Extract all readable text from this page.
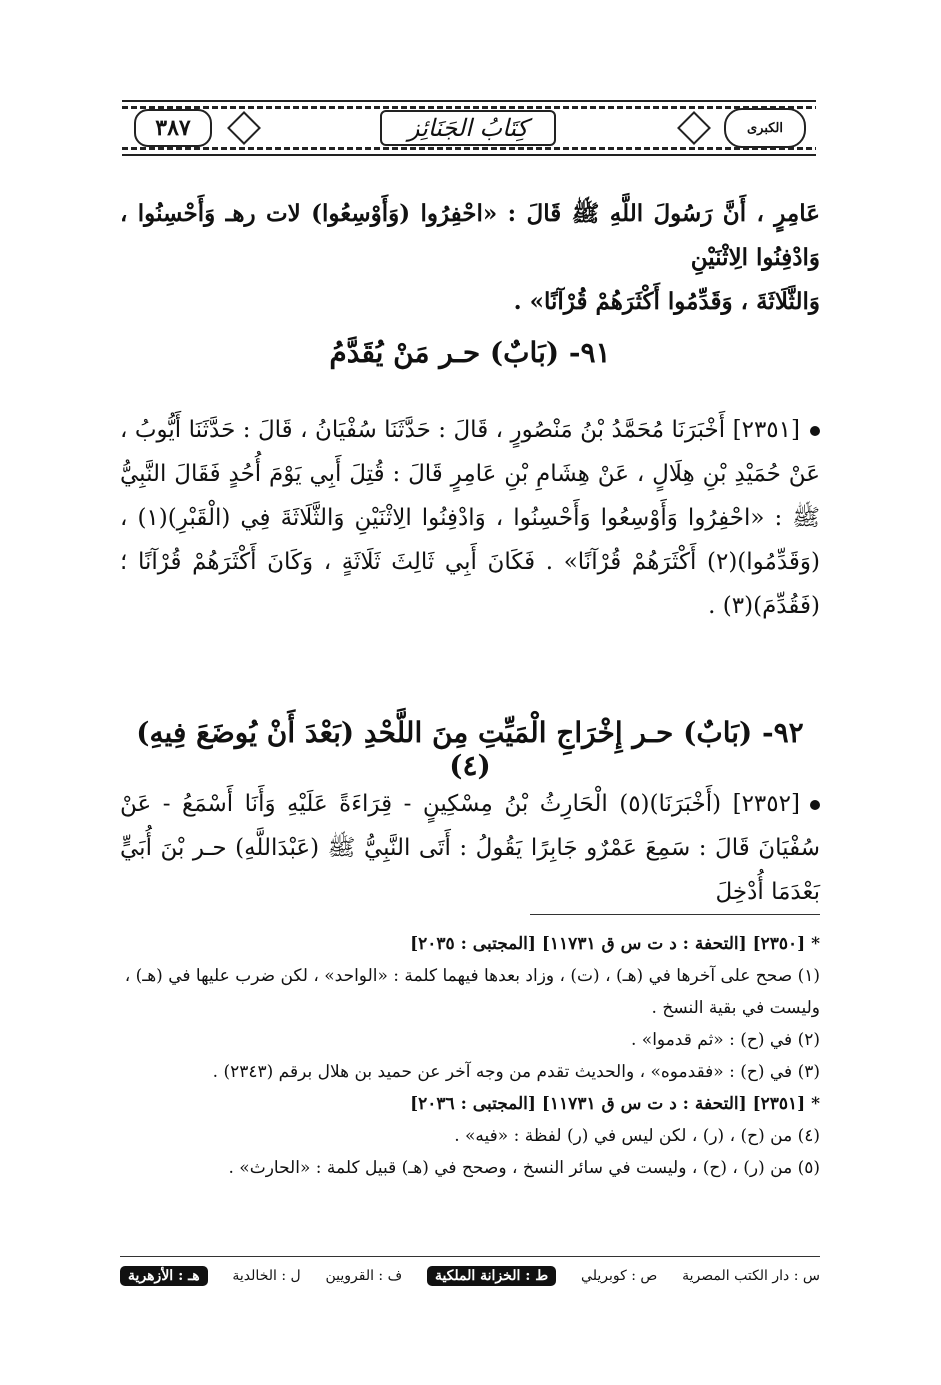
٣٨٧	كِتَابُ الجَنَائِز	الكبرى
عَامِرٍ ، أَنَّ رَسُولَ اللَّهِ ﷺ قَالَ : «احْفِرُوا (وَأَوْسِعُوا) لات رهـ وَأَحْسِنُوا ، وَادْفِنُوا الِاثْنَيْنِ
وَالثَّلَاثَةَ ، وَقَدِّمُوا أَكْثَرَهُمْ قُرْآنًا» .
٩١- (بَابٌ) حـر مَنْ يُقَدَّمُ
[٢٣٥١] أَخْبَرَنَا مُحَمَّدُ بْنُ مَنْصُورٍ ، قَالَ : حَدَّثَنَا سُفْيَانُ ، قَالَ : حَدَّثَنَا أَيُّوبُ ، عَنْ حُمَيْدِ بْنِ هِلَالٍ ، عَنْ هِشَامِ بْنِ عَامِرٍ قَالَ : قُتِلَ أَبِي يَوْمَ أُحُدٍ فَقَالَ النَّبِيُّ ﷺ : «احْفِرُوا وَأَوْسِعُوا وَأَحْسِنُوا ، وَادْفِنُوا الِاثْنَيْنِ وَالثَّلَاثَةَ فِي (الْقَبْرِ)(١) ، (وَقَدِّمُوا)(٢) أَكْثَرَهُمْ قُرْآنًا» . فَكَانَ أَبِي ثَالِثَ ثَلَاثَةٍ ، وَكَانَ أَكْثَرَهُمْ قُرْآنًا ؛ (فَقُدِّمَ)(٣) .
٩٢- (بَابٌ) حـر إِخْرَاجِ الْمَيِّتِ مِنَ اللَّحْدِ (بَعْدَ أَنْ يُوضَعَ فِيهِ)(٤)
[٢٣٥٢] (أَخْبَرَنَا)(٥) الْحَارِثُ بْنُ مِسْكِينٍ - قِرَاءَةً عَلَيْهِ وَأَنَا أَسْمَعُ - عَنْ سُفْيَانَ قَالَ : سَمِعَ عَمْرٌو جَابِرًا يَقُولُ : أَتَى النَّبِيُّ ﷺ (عَبْدَاللَّهِ) حـر بْنَ أُبَيٍّ بَعْدَمَا أُدْخِلَ
* [٢٣٥٠] [التحفة : د ت س ق ١١٧٣١] [المجتبى : ٢٠٣٥]
(١) صحح على آخرها في (هـ) ، (ت) ، وزاد بعدها فيهما كلمة : «الواحد» ، لكن ضرب عليها في (هـ) ، وليست في بقية النسخ .
(٢) في (ح) : «ثم قدموا» .
(٣) في (ح) : «فقدموه» ، والحديث تقدم من وجه آخر عن حميد بن هلال برقم (٢٣٤٣) .
* [٢٣٥١] [التحفة : د ت س ق ١١٧٣١] [المجتبى : ٢٠٣٦]
(٤) من (ح) ، (ر) ، لكن ليس في (ر) لفظة : «فيه» .
(٥) من (ر) ، (ح) ، وليست في سائر النسخ ، وصحح في (هـ) قبيل كلمة : «الحارث» .
س : دار الكتب المصرية
ص : كوبريلي
ط : الخزانة الملكية
ف : القرويين
ل : الخالدية
هـ : الأزهرية
